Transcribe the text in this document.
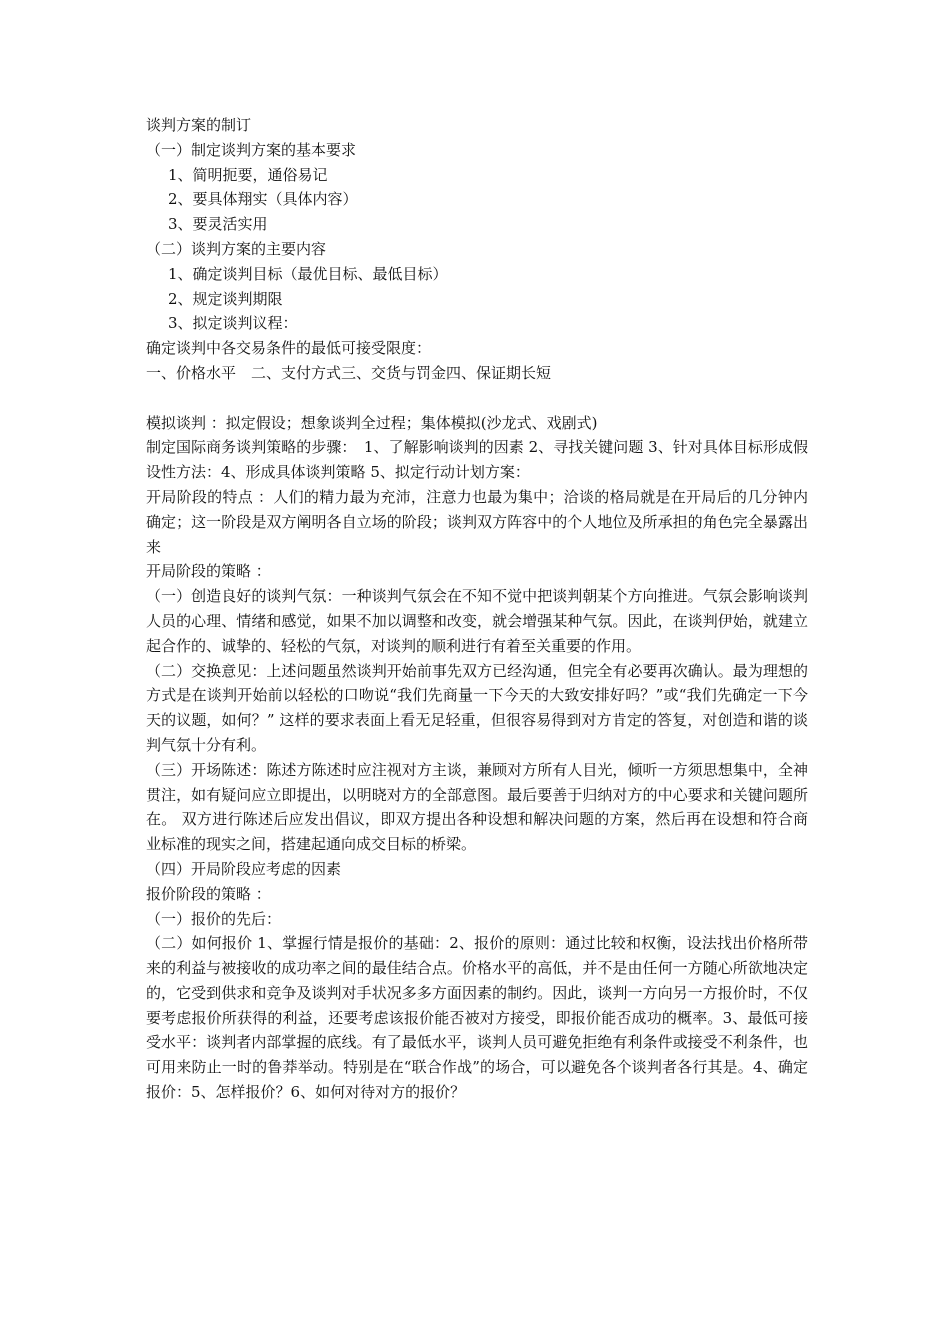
谈判方案的制订

（一）制定谈判方案的基本要求

1、简明扼要，通俗易记

2、要具体翔实（具体内容）

3、要灵活实用

（二）谈判方案的主要内容

1、确定谈判目标（最优目标、最低目标）

2、规定谈判期限

3、拟定谈判议程：

确定谈判中各交易条件的最低可接受限度：

一、价格水平　二、支付方式三、交货与罚金四、保证期长短

模拟谈判 ：拟定假设；想象谈判全过程；集体模拟(沙龙式、戏剧式)

制定国际商务谈判策略的步骤：　1、了解影响谈判的因素 2、寻找关键问题 3、针对具体目标形成假设性方法：4、形成具体谈判策略 5、拟定行动计划方案：

开局阶段的特点 ：人们的精力最为充沛，注意力也最为集中；洽谈的格局就是在开局后的几分钟内确定；这一阶段是双方阐明各自立场的阶段；谈判双方阵容中的个人地位及所承担的角色完全暴露出来

开局阶段的策略 ：

（一）创造良好的谈判气氛：一种谈判气氛会在不知不觉中把谈判朝某个方向推进。气氛会影响谈判人员的心理、情绪和感觉，如果不加以调整和改变，就会增强某种气氛。因此，在谈判伊始，就建立起合作的、诚挚的、轻松的气氛，对谈判的顺利进行有着至关重要的作用。

（二）交换意见：上述问题虽然谈判开始前事先双方已经沟通，但完全有必要再次确认。最为理想的方式是在谈判开始前以轻松的口吻说“我们先商量一下今天的大致安排好吗？”或“我们先确定一下今天的议题，如何？” 这样的要求表面上看无足轻重，但很容易得到对方肯定的答复，对创造和谐的谈判气氛十分有利。

（三）开场陈述：陈述方陈述时应注视对方主谈，兼顾对方所有人目光，倾听一方须思想集中，全神贯注，如有疑问应立即提出，以明晓对方的全部意图。最后要善于归纳对方的中心要求和关键问题所在。 双方进行陈述后应发出倡议，即双方提出各种设想和解决问题的方案，然后再在设想和符合商业标准的现实之间，搭建起通向成交目标的桥梁。

（四）开局阶段应考虑的因素

报价阶段的策略 ：

（一）报价的先后：

（二）如何报价 1、掌握行情是报价的基础：2、报价的原则：通过比较和权衡，设法找出价格所带来的利益与被接收的成功率之间的最佳结合点。价格水平的高低，并不是由任何一方随心所欲地决定的，它受到供求和竞争及谈判对手状况多多方面因素的制约。因此，谈判一方向另一方报价时，不仅要考虑报价所获得的利益，还要考虑该报价能否被对方接受，即报价能否成功的概率。3、最低可接受水平：谈判者内部掌握的底线。有了最低水平，谈判人员可避免拒绝有利条件或接受不利条件，也可用来防止一时的鲁莽举动。特别是在“联合作战”的场合，可以避免各个谈判者各行其是。4、确定报价：5、怎样报价？6、如何对待对方的报价？
